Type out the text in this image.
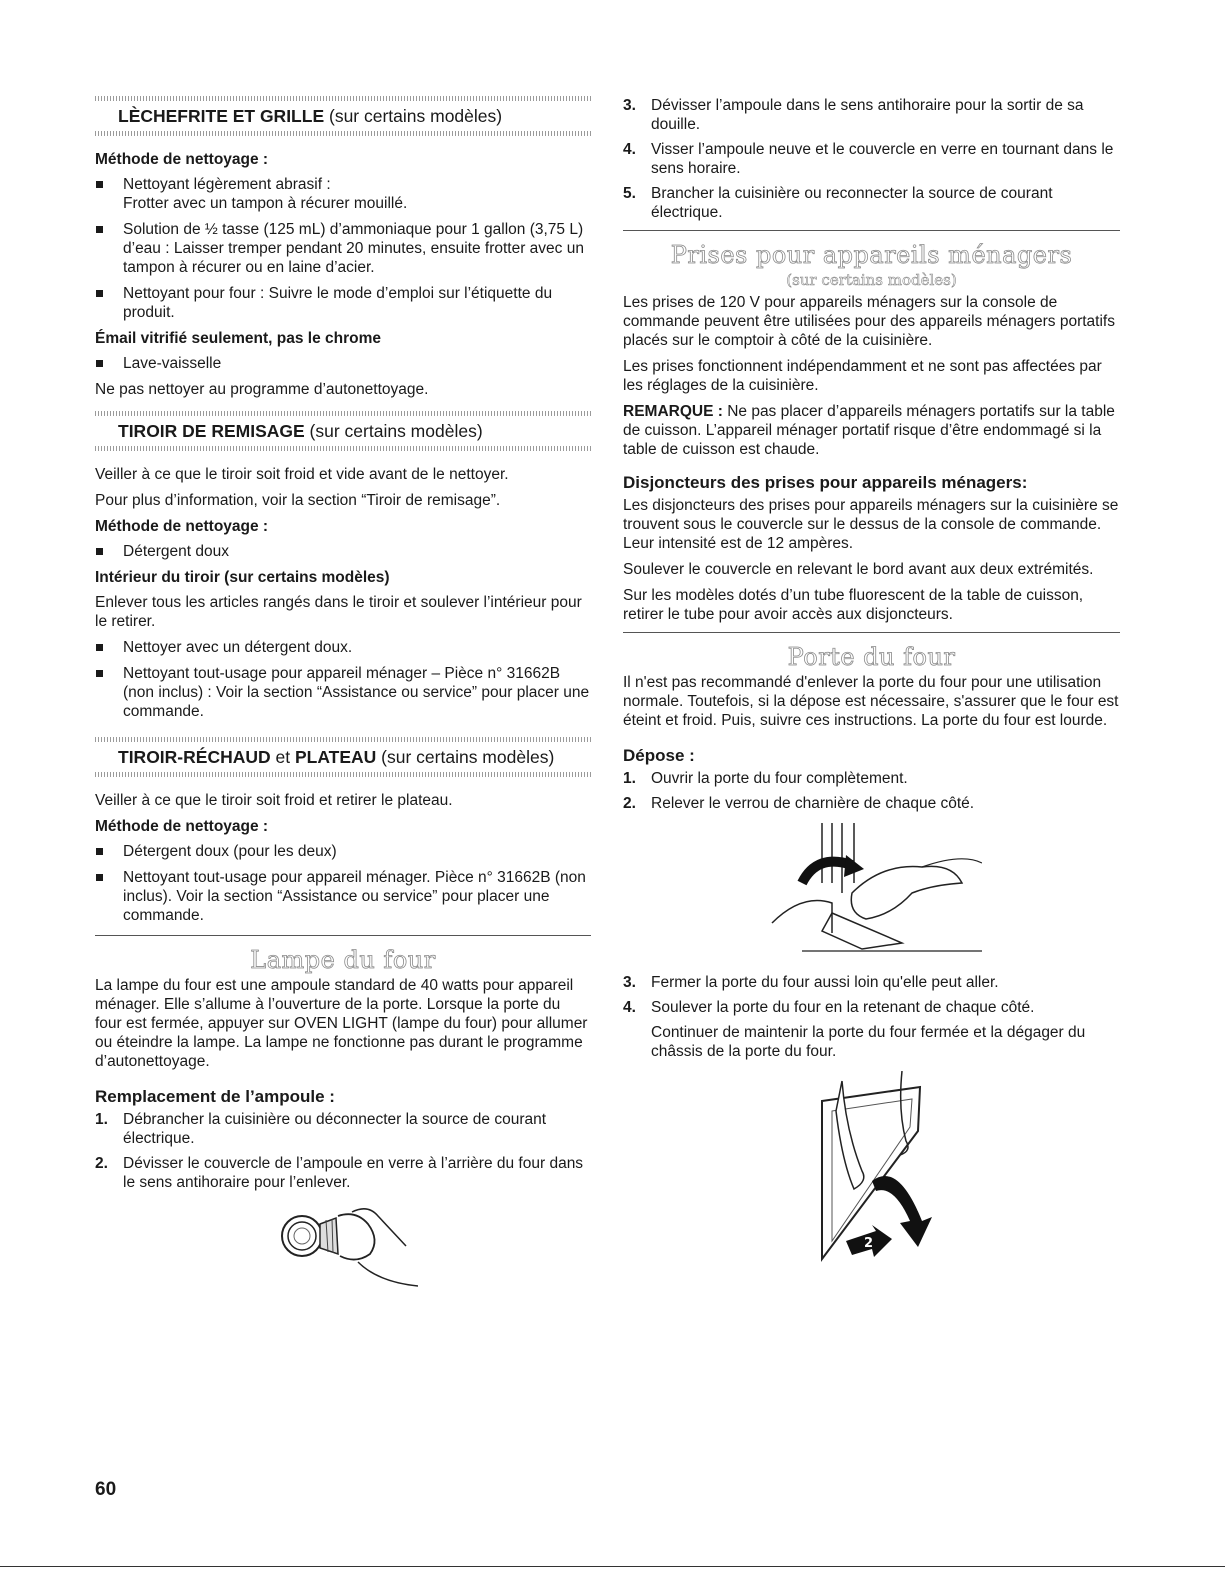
LÈCHEFRITE ET GRILLE (sur certains modèles)
Méthode de nettoyage :
Nettoyant légèrement abrasif :
Frotter avec un tampon à récurer mouillé.
Solution de ½ tasse (125 mL) d’ammoniaque pour 1 gallon (3,75 L) d’eau : Laisser tremper pendant 20 minutes, ensuite frotter avec un tampon à récurer ou en laine d’acier.
Nettoyant pour four : Suivre le mode d’emploi sur l’étiquette du produit.
Émail vitrifié seulement, pas le chrome
Lave-vaisselle

Ne pas nettoyer au programme d’autonettoyage.

TIROIR DE REMISAGE (sur certains modèles)

Veiller à ce que le tiroir soit froid et vide avant de le nettoyer.

Pour plus d’information, voir la section “Tiroir de remisage”.

Méthode de nettoyage :
Détergent doux
Intérieur du tiroir (sur certains modèles)

Enlever tous les articles rangés dans le tiroir et soulever l’intérieur pour le retirer.

Nettoyer avec un détergent doux.
Nettoyant tout-usage pour appareil ménager – Pièce n° 31662B (non inclus) : Voir la section “Assistance ou service” pour placer une commande.
TIROIR-RÉCHAUD et PLATEAU (sur certains modèles)

Veiller à ce que le tiroir soit froid et retirer le plateau.

Méthode de nettoyage :
Détergent doux (pour les deux)
Nettoyant tout-usage pour appareil ménager. Pièce n° 31662B (non inclus). Voir la section “Assistance ou service” pour placer une commande.
Lampe du four

La lampe du four est une ampoule standard de 40 watts pour appareil ménager. Elle s’allume à l’ouverture de la porte. Lorsque la porte du four est fermée, appuyer sur OVEN LIGHT (lampe du four) pour allumer ou éteindre la lampe. La lampe ne fonctionne pas durant le programme d’autonettoyage.

Remplacement de l’ampoule :
1. Débrancher la cuisinière ou déconnecter la source de courant électrique.
2. Dévisser le couvercle de l’ampoule en verre à l’arrière du four dans le sens antihoraire pour l’enlever.
3. Dévisser l’ampoule dans le sens antihoraire pour la sortir de sa douille.
4. Visser l’ampoule neuve et le couvercle en verre en tournant dans le sens horaire.
5. Brancher la cuisinière ou reconnecter la source de courant électrique.
Prises pour appareils ménagers
(sur certains modèles)

Les prises de 120 V pour appareils ménagers sur la console de commande peuvent être utilisées pour des appareils ménagers portatifs placés sur le comptoir à côté de la cuisinière.

Les prises fonctionnent indépendamment et ne sont pas affectées par les réglages de la cuisinière.

REMARQUE : Ne pas placer d’appareils ménagers portatifs sur la table de cuisson. L’appareil ménager portatif risque d’être endommagé si la table de cuisson est chaude.

Disjoncteurs des prises pour appareils ménagers:

Les disjoncteurs des prises pour appareils ménagers sur la cuisinière se trouvent sous le couvercle sur le dessus de la console de commande. Leur intensité est de 12 ampères.

Soulever le couvercle en relevant le bord avant aux deux extrémités.

Sur les modèles dotés d’un tube fluorescent de la table de cuisson, retirer le tube pour avoir accès aux disjoncteurs.

Porte du four

Il n'est pas recommandé d'enlever la porte du four pour une utilisation normale. Toutefois, si la dépose est nécessaire, s'assurer que le four est éteint et froid. Puis, suivre ces instructions. La porte du four est lourde.

Dépose :
1. Ouvrir la porte du four complètement.
2. Relever le verrou de charnière de chaque côté.
3. Fermer la porte du four aussi loin qu'elle peut aller.
4. Soulever la porte du four en la retenant de chaque côté.
Continuer de maintenir la porte du four fermée et la dégager du châssis de la porte du four.
1
2
60
